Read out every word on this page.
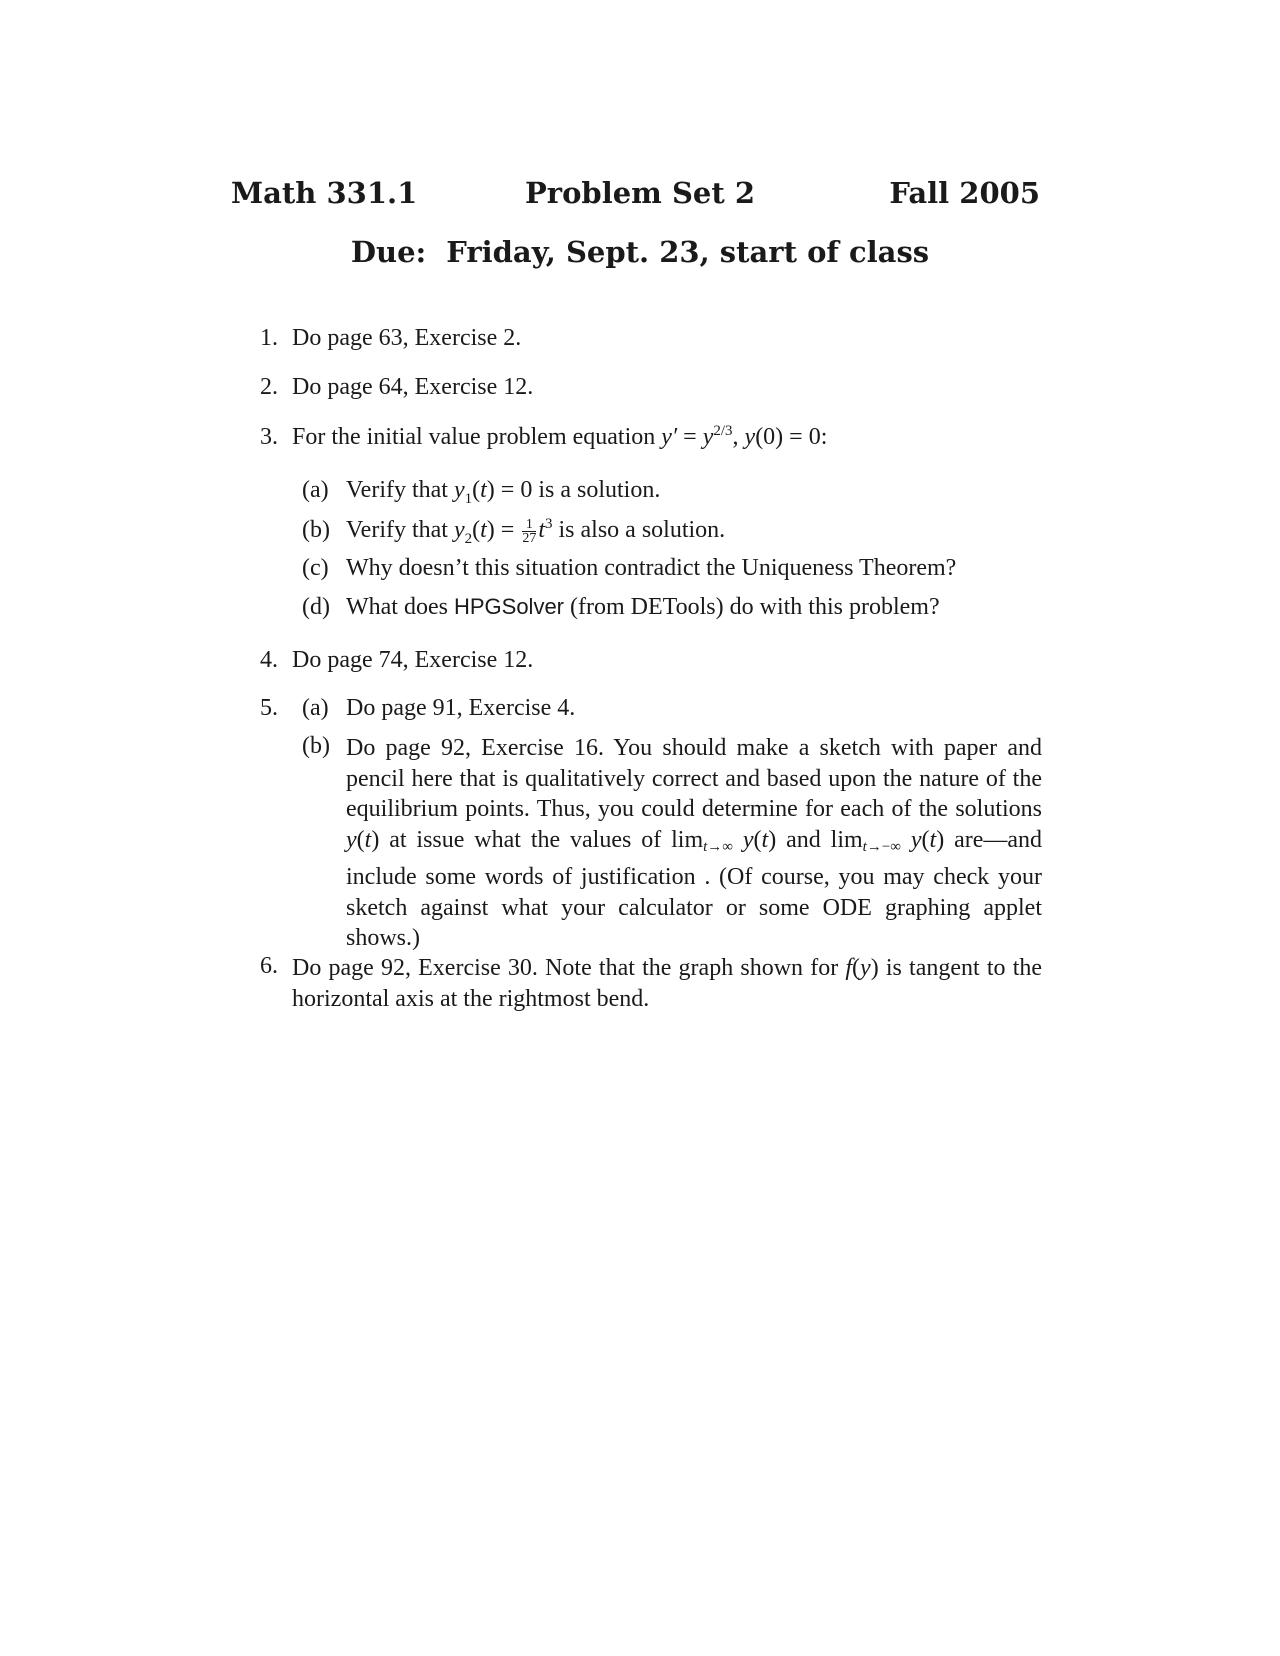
Math 331.1	Problem Set 2	Fall 2005
Due: Friday, Sept. 23, start of class
1. Do page 63, Exercise 2.
2. Do page 64, Exercise 12.
3. For the initial value problem equation $y' = y^{2/3}$, y(0) = 0:
(a) Verify that $y_1(t) = 0$ is a solution.
(b) Verify that $y_2(t) = \frac{1}{27} t^3$ is also a solution.
(c) Why doesn’t this situation contradict the Uniqueness Theorem?
(d) What does HPGSolver (from DETools) do with this problem?
4. Do page 74, Exercise 12.
5.	(a) Do page 91, Exercise 4.
(b) Do page 92, Exercise 16. You should make a sketch with paper and pencil here that is qualitatively correct and based upon the nature of the equilibrium points. Thus, you could determine for each of the solutions y(t) at issue what the values of limt→∞ y(t) and limt→−∞ y(t) are—and include some words of justification . (Of course, you may check your sketch against what your calculator or some ODE graphing applet shows.)
6. Do page 92, Exercise 30. Note that the graph shown for f(y) is tangent to the horizontal axis at the rightmost bend.
